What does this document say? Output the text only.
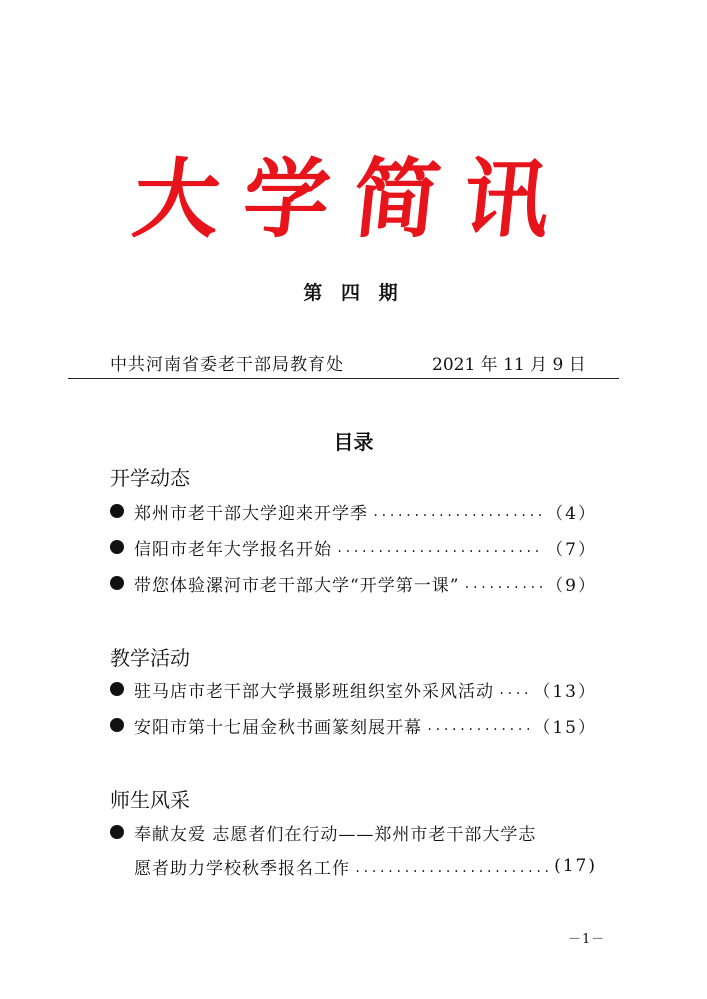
大学简讯
第 四 期
中共河南省委老干部局教育处	2021 年 11 月 9 日
目录
开学动态
郑州市老干部大学迎来开学季 .....	（4）
信阳市老年大学报名开始 .....	（7）
带您体验漯河市老干部大学“开学第一课” .....	（9）
教学活动
驻马店市老干部大学摄影班组织室外采风活动 ..... （13）
安阳市第十七届金秋书画篆刻展开幕 .....	（15）
师生风采
奉献友爱 志愿者们在行动——郑州市老干部大学志
愿者助力学校秋季报名工作 .....	(17)
－1－
